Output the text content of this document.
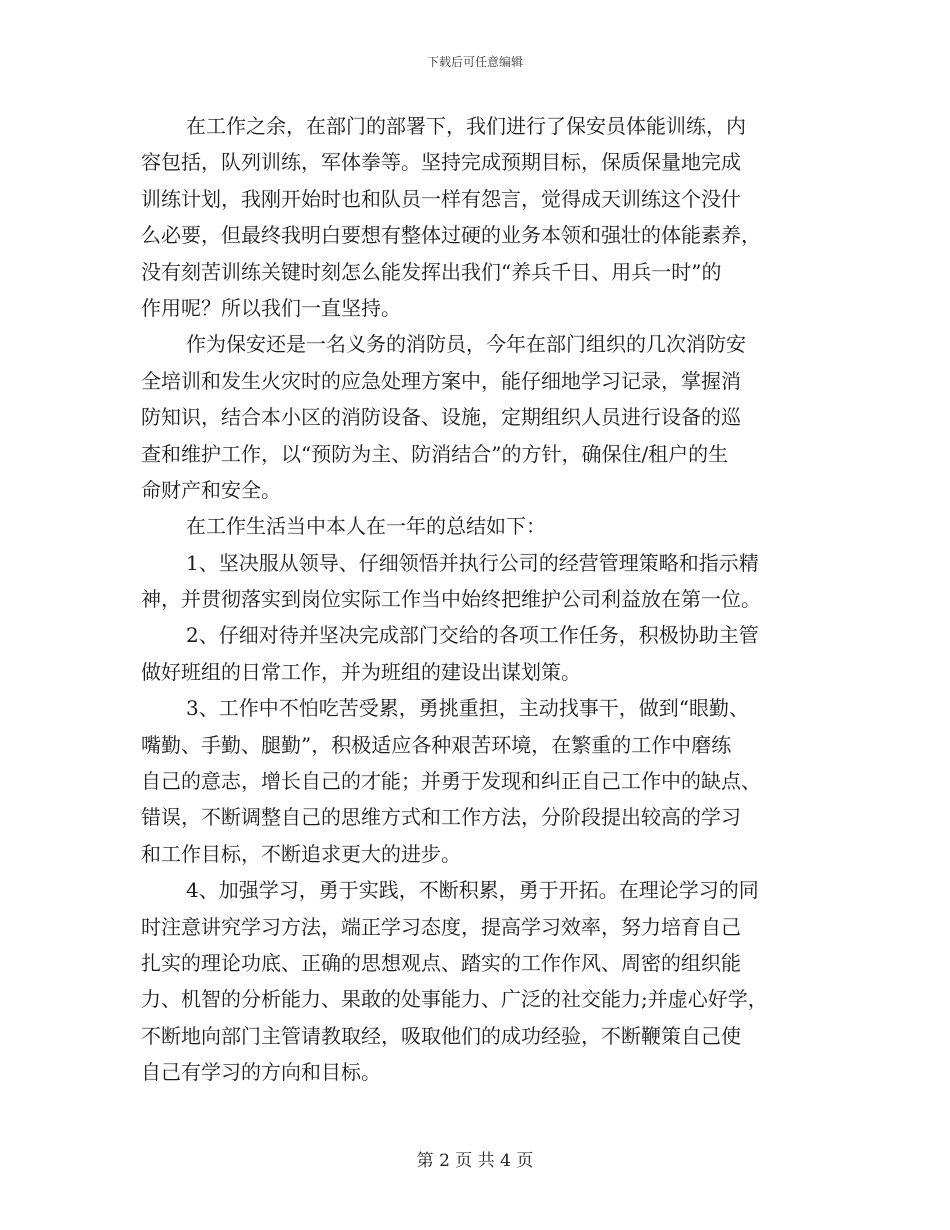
下载后可任意编辑
在工作之余，在部门的部署下，我们进行了保安员体能训练，内
容包括，队列训练，军体拳等。坚持完成预期目标，保质保量地完成
训练计划，我刚开始时也和队员一样有怨言，觉得成天训练这个没什
么必要，但最终我明白要想有整体过硬的业务本领和强壮的体能素养，
没有刻苦训练关键时刻怎么能发挥出我们“养兵千日、用兵一时”的
作用呢？所以我们一直坚持。
作为保安还是一名义务的消防员，今年在部门组织的几次消防安
全培训和发生火灾时的应急处理方案中，能仔细地学习记录，掌握消
防知识，结合本小区的消防设备、设施，定期组织人员进行设备的巡
查和维护工作，以“预防为主、防消结合”的方针，确保住/租户的生
命财产和安全。
在工作生活当中本人在一年的总结如下：
1、坚决服从领导、仔细领悟并执行公司的经营管理策略和指示精
神，并贯彻落实到岗位实际工作当中始终把维护公司利益放在第一位。
2、仔细对待并坚决完成部门交给的各项工作任务，积极协助主管
做好班组的日常工作，并为班组的建设出谋划策。
3、工作中不怕吃苦受累，勇挑重担，主动找事干，做到“眼勤、
嘴勤、手勤、腿勤”，积极适应各种艰苦环境，在繁重的工作中磨练
自己的意志，增长自己的才能；并勇于发现和纠正自己工作中的缺点、
错误，不断调整自己的思维方式和工作方法，分阶段提出较高的学习
和工作目标，不断追求更大的进步。
4、加强学习，勇于实践，不断积累，勇于开拓。在理论学习的同
时注意讲究学习方法，端正学习态度，提高学习效率，努力培育自己
扎实的理论功底、正确的思想观点、踏实的工作作风、周密的组织能
力、机智的分析能力、果敢的处事能力、广泛的社交能力;并虚心好学，
不断地向部门主管请教取经，吸取他们的成功经验，不断鞭策自己使
自己有学习的方向和目标。
第 2 页 共 4 页
